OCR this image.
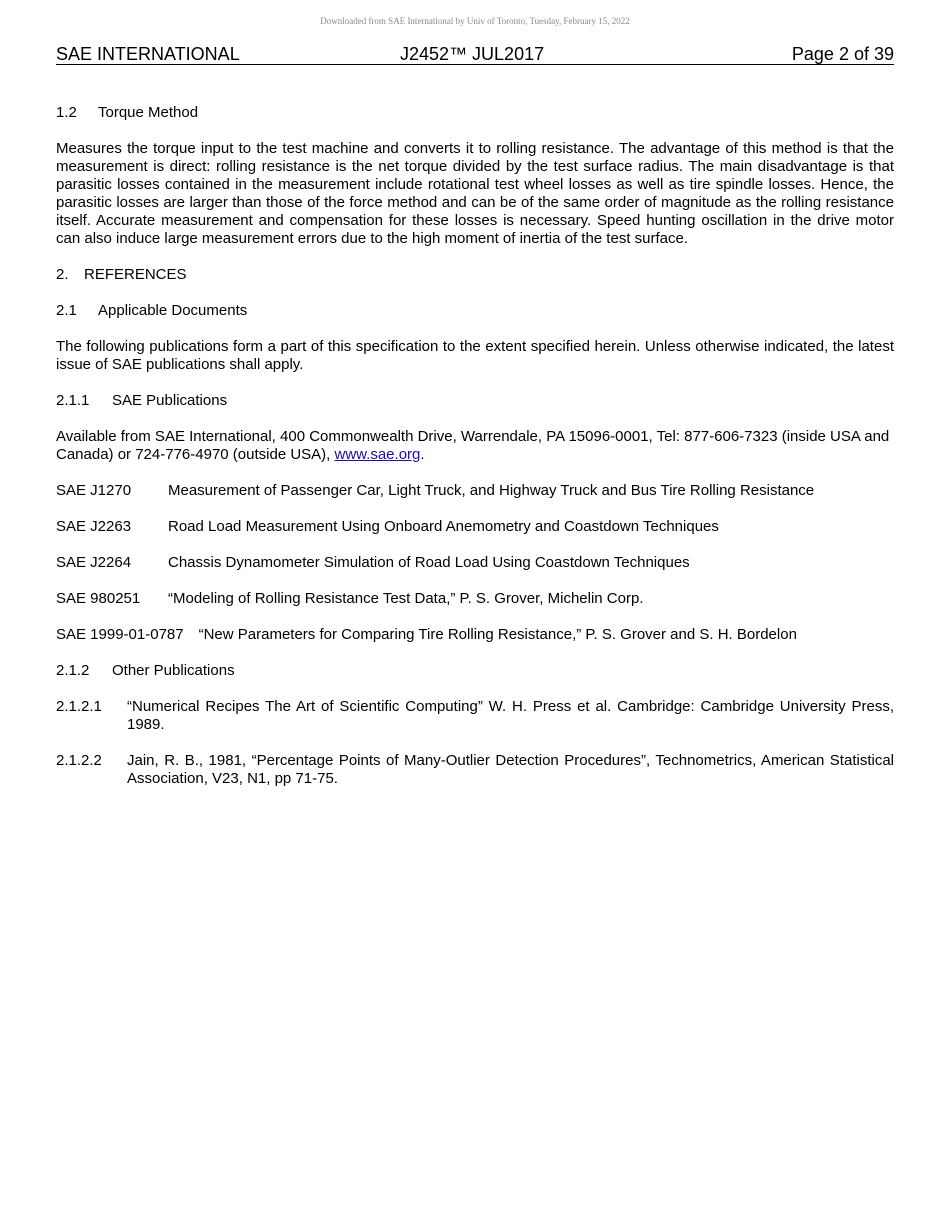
Downloaded from SAE International by Univ of Toronto, Tuesday, February 15, 2022
SAE INTERNATIONAL	J2452™ JUL2017	Page 2 of 39

1.2	Torque Method

Measures the torque input to the test machine and converts it to rolling resistance. The advantage of this method is that the measurement is direct: rolling resistance is the net torque divided by the test surface radius. The main disadvantage is that parasitic losses contained in the measurement include rotational test wheel losses as well as tire spindle losses. Hence, the parasitic losses are larger than those of the force method and can be of the same order of magnitude as the rolling resistance itself. Accurate measurement and compensation for these losses is necessary. Speed hunting oscillation in the drive motor can also induce large measurement errors due to the high moment of inertia of the test surface.

2.	REFERENCES

2.1	Applicable Documents

The following publications form a part of this specification to the extent specified herein. Unless otherwise indicated, the latest issue of SAE publications shall apply.

2.1.1	SAE Publications

Available from SAE International, 400 Commonwealth Drive, Warrendale, PA 15096-0001, Tel: 877-606-7323 (inside USA and Canada) or 724-776-4970 (outside USA), www.sae.org.

SAE J1270	Measurement of Passenger Car, Light Truck, and Highway Truck and Bus Tire Rolling Resistance

SAE J2263	Road Load Measurement Using Onboard Anemometry and Coastdown Techniques

SAE J2264	Chassis Dynamometer Simulation of Road Load Using Coastdown Techniques

SAE 980251	“Modeling of Rolling Resistance Test Data,” P. S. Grover, Michelin Corp.

SAE 1999-01-0787 “New Parameters for Comparing Tire Rolling Resistance,” P. S. Grover and S. H. Bordelon

2.1.2	Other Publications

2.1.2.1	“Numerical Recipes The Art of Scientific Computing” W. H. Press et al. Cambridge: Cambridge University Press, 1989.

2.1.2.2	Jain, R. B., 1981, “Percentage Points of Many-Outlier Detection Procedures”, Technometrics, American Statistical Association, V23, N1, pp 71-75.
